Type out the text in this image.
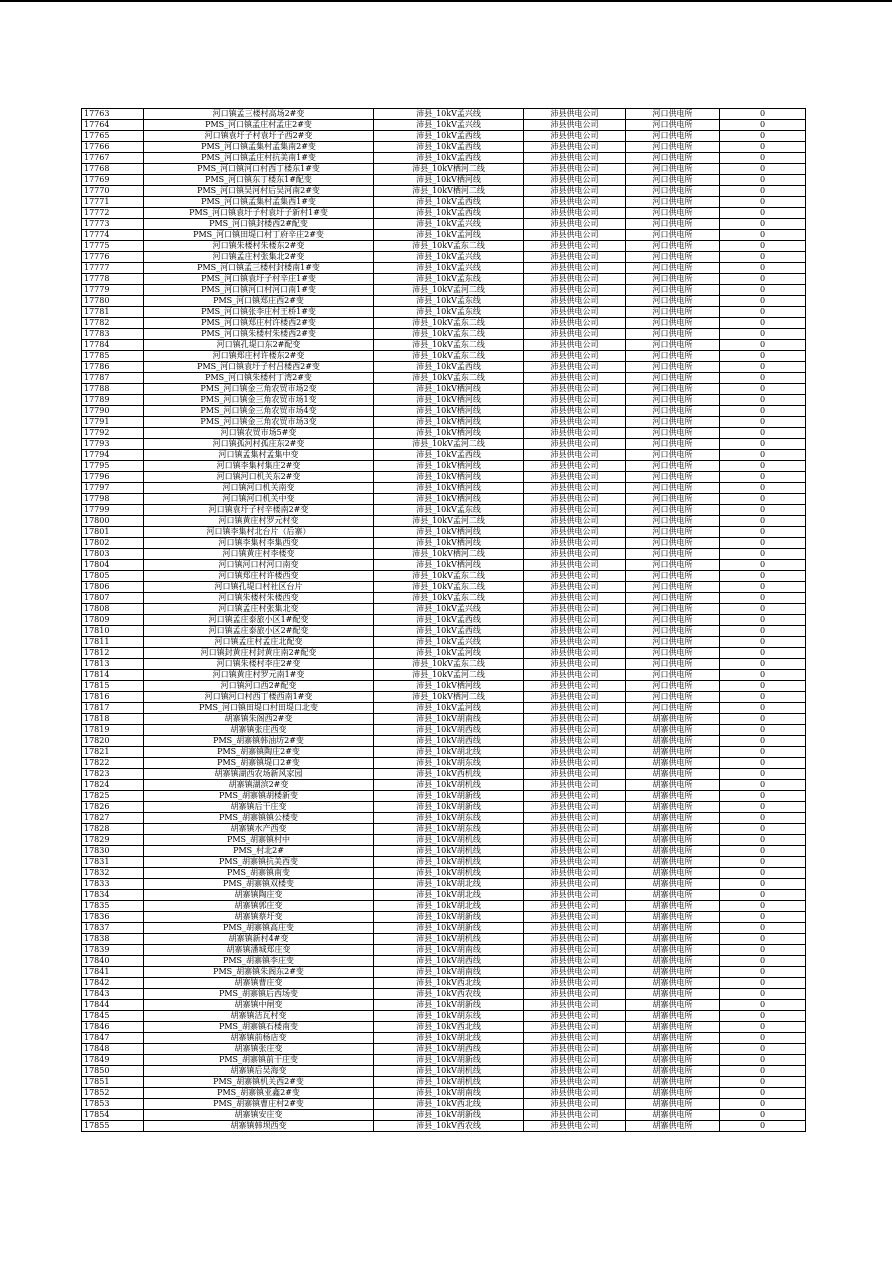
17763	河口镇孟三楼村高场2#变	沛县_10kV孟兴线	沛县供电公司	河口供电所	0
17764	PMS_河口镇孟庄村孟庄2#变	沛县_10kV孟兴线	沛县供电公司	河口供电所	0
17765	河口镇袁圩子村袁圩子西2#变	沛县_10kV孟西线	沛县供电公司	河口供电所	0
17766	PMS_河口镇孟集村孟集南2#变	沛县_10kV孟西线	沛县供电公司	河口供电所	0
17767	PMS_河口镇孟庄村抗美南1#变	沛县_10kV孟西线	沛县供电公司	河口供电所	0
17768	PMS_河口镇河口村西丁楼东1#变	沛县_10kV栖河二线	沛县供电公司	河口供电所	0
17769	PMS_河口镇东丁楼东1#配变	沛县_10kV栖河线	沛县供电公司	河口供电所	0
17770	PMS_河口镇吴河村后吴河南2#变	沛县_10kV栖河二线	沛县供电公司	河口供电所	0
17771	PMS_河口镇孟集村孟集西1#变	沛县_10kV孟西线	沛县供电公司	河口供电所	0
17772	PMS_河口镇袁圩子村袁圩子新村1#变	沛县_10kV孟西线	沛县供电公司	河口供电所	0
17773	PMS_河口镇封楼西2#配变	沛县_10kV孟兴线	沛县供电公司	河口供电所	0
17774	PMS_河口镇田堤口村丁府辛庄2#变	沛县_10kV孟河线	沛县供电公司	河口供电所	0
17775	河口镇朱楼村朱楼东2#变	沛县_10kV孟东二线	沛县供电公司	河口供电所	0
17776	河口镇孟庄村张集北2#变	沛县_10kV孟兴线	沛县供电公司	河口供电所	0
17777	PMS_河口镇孟三楼村封楼南1#变	沛县_10kV孟兴线	沛县供电公司	河口供电所	0
17778	PMS_河口镇袁圩子村辛庄1#变	沛县_10kV孟东线	沛县供电公司	河口供电所	0
17779	PMS_河口镇河口村河口南1#变	沛县_10kV孟河二线	沛县供电公司	河口供电所	0
17780	PMS_河口镇郑庄西2#变	沛县_10kV孟东线	沛县供电公司	河口供电所	0
17781	PMS_河口镇张李庄村王桥1#变	沛县_10kV孟东线	沛县供电公司	河口供电所	0
17782	PMS_河口镇郑庄村许楼西2#变	沛县_10kV孟东二线	沛县供电公司	河口供电所	0
17783	PMS_河口镇朱楼村朱楼西2#变	沛县_10kV孟东二线	沛县供电公司	河口供电所	0
17784	河口镇孔堤口东2#配变	沛县_10kV孟东二线	沛县供电公司	河口供电所	0
17785	河口镇郑庄村许楼东2#变	沛县_10kV孟东二线	沛县供电公司	河口供电所	0
17786	PMS_河口镇袁圩子村吕楼西2#变	沛县_10kV孟西线	沛县供电公司	河口供电所	0
17787	PMS_河口镇朱楼村丁湾2#变	沛县_10kV孟东二线	沛县供电公司	河口供电所	0
17788	PMS_河口镇金三角农贸市场2变	沛县_10kV栖河线	沛县供电公司	河口供电所	0
17789	PMS_河口镇金三角农贸市场1变	沛县_10kV栖河线	沛县供电公司	河口供电所	0
17790	PMS_河口镇金三角农贸市场4变	沛县_10kV栖河线	沛县供电公司	河口供电所	0
17791	PMS_河口镇金三角农贸市场3变	沛县_10kV栖河线	沛县供电公司	河口供电所	0
17792	河口镇农贸市场5#变	沛县_10kV栖河线	沛县供电公司	河口供电所	0
17793	河口镇孤河村孤庄东2#变	沛县_10kV孟河二线	沛县供电公司	河口供电所	0
17794	河口镇孟集村孟集中变	沛县_10kV孟西线	沛县供电公司	河口供电所	0
17795	河口镇李集村集庄2#变	沛县_10kV栖河线	沛县供电公司	河口供电所	0
17796	河口镇河口机关东2#变	沛县_10kV栖河线	沛县供电公司	河口供电所	0
17797	河口镇河口机关南变	沛县_10kV栖河线	沛县供电公司	河口供电所	0
17798	河口镇河口机关中变	沛县_10kV栖河线	沛县供电公司	河口供电所	0
17799	河口镇袁圩子村辛楼南2#变	沛县_10kV孟东线	沛县供电公司	河口供电所	0
17800	河口镇黄庄村罗元村变	沛县_10kV孟河二线	沛县供电公司	河口供电所	0
17801	河口镇李集村北台片（后寨）	沛县_10kV栖河线	沛县供电公司	河口供电所	0
17802	河口镇李集村李集西变	沛县_10kV栖河线	沛县供电公司	河口供电所	0
17803	河口镇黄庄村李楼变	沛县_10kV栖河二线	沛县供电公司	河口供电所	0
17804	河口镇河口村河口南变	沛县_10kV栖河线	沛县供电公司	河口供电所	0
17805	河口镇郑庄村许楼西变	沛县_10kV孟东二线	沛县供电公司	河口供电所	0
17806	河口镇孔堤口村社区台片	沛县_10kV孟东二线	沛县供电公司	河口供电所	0
17807	河口镇朱楼村朱楼西变	沛县_10kV孟东二线	沛县供电公司	河口供电所	0
17808	河口镇孟庄村张集北变	沛县_10kV孟兴线	沛县供电公司	河口供电所	0
17809	河口镇孟庄泰旅小区1#配变	沛县_10kV孟西线	沛县供电公司	河口供电所	0
17810	河口镇孟庄泰旅小区2#配变	沛县_10kV孟西线	沛县供电公司	河口供电所	0
17811	河口镇孟庄村孟庄北配变	沛县_10kV孟兴线	沛县供电公司	河口供电所	0
17812	河口镇封黄庄村封黄庄南2#配变	沛县_10kV孟河线	沛县供电公司	河口供电所	0
17813	河口镇朱楼村李庄2#变	沛县_10kV孟东二线	沛县供电公司	河口供电所	0
17814	河口镇黄庄村罗元南1#变	沛县_10kV孟河二线	沛县供电公司	河口供电所	0
17815	河口镇河口西2#配变	沛县_10kV栖河线	沛县供电公司	河口供电所	0
17816	河口镇河口村西丁楼西南1#变	沛县_10kV栖河二线	沛县供电公司	河口供电所	0
17817	PMS_河口镇田堤口村田堤口北变	沛县_10kV孟河线	沛县供电公司	河口供电所	0
17818	胡寨镇朱阁西2#变	沛县_10kV胡南线	沛县供电公司	胡寨供电所	0
17819	胡寨镇张庄西变	沛县_10kV胡西线	沛县供电公司	胡寨供电所	0
17820	PMS_胡寨镇韩油坊2#变	沛县_10kV胡西线	沛县供电公司	胡寨供电所	0
17821	PMS_胡寨镇陶庄2#变	沛县_10kV胡北线	沛县供电公司	胡寨供电所	0
17822	PMS_胡寨镇堤口2#变	沛县_10kV胡东线	沛县供电公司	胡寨供电所	0
17823	胡寨镇湖西农场新风家园	沛县_10kV西机线	沛县供电公司	胡寨供电所	0
17824	胡寨镇湖滨2#变	沛县_10kV胡机线	沛县供电公司	胡寨供电所	0
17825	PMS_胡寨镇胡楼新变	沛县_10kV胡新线	沛县供电公司	胡寨供电所	0
17826	胡寨镇后干庄变	沛县_10kV胡新线	沛县供电公司	胡寨供电所	0
17827	PMS_胡寨镇镇公楼变	沛县_10kV胡东线	沛县供电公司	胡寨供电所	0
17828	胡寨镇水产西变	沛县_10kV胡东线	沛县供电公司	胡寨供电所	0
17829	PMS_胡寨镇村中	沛县_10kV胡机线	沛县供电公司	胡寨供电所	0
17830	PMS_村北2#	沛县_10kV胡机线	沛县供电公司	胡寨供电所	0
17831	PMS_胡寨镇抗美西变	沛县_10kV胡机线	沛县供电公司	胡寨供电所	0
17832	PMS_胡寨镇南变	沛县_10kV胡机线	沛县供电公司	胡寨供电所	0
17833	PMS_胡寨镇双楼变	沛县_10kV胡北线	沛县供电公司	胡寨供电所	0
17834	胡寨镇陶庄变	沛县_10kV胡北线	沛县供电公司	胡寨供电所	0
17835	胡寨镇郭庄变	沛县_10kV胡北线	沛县供电公司	胡寨供电所	0
17836	胡寨镇蔡圩变	沛县_10kV胡新线	沛县供电公司	胡寨供电所	0
17837	PMS_胡寨镇高庄变	沛县_10kV胡新线	沛县供电公司	胡寨供电所	0
17838	胡寨镇新村4#变	沛县_10kV胡机线	沛县供电公司	胡寨供电所	0
17839	胡寨镇潘城郑庄变	沛县_10kV胡南线	沛县供电公司	胡寨供电所	0
17840	PMS_胡寨镇李庄变	沛县_10kV胡西线	沛县供电公司	胡寨供电所	0
17841	PMS_胡寨镇朱阁东2#变	沛县_10kV胡南线	沛县供电公司	胡寨供电所	0
17842	胡寨镇曹庄变	沛县_10kV西北线	沛县供电公司	胡寨供电所	0
17843	PMS_胡寨镇后西场变	沛县_10kV西农线	沛县供电公司	胡寨供电所	0
17844	胡寨镇中闸变	沛县_10kV胡新线	沛县供电公司	胡寨供电所	0
17845	胡寨镇洁瓦村变	沛县_10kV胡东线	沛县供电公司	胡寨供电所	0
17846	PMS_胡寨镇石楼南变	沛县_10kV西北线	沛县供电公司	胡寨供电所	0
17847	胡寨镇前杨店变	沛县_10kV胡北线	沛县供电公司	胡寨供电所	0
17848	胡寨镇张庄变	沛县_10kV胡西线	沛县供电公司	胡寨供电所	0
17849	PMS_胡寨镇前干庄变	沛县_10kV胡新线	沛县供电公司	胡寨供电所	0
17850	胡寨镇后吴海变	沛县_10kV胡机线	沛县供电公司	胡寨供电所	0
17851	PMS_胡寨镇机关西2#变	沛县_10kV胡机线	沛县供电公司	胡寨供电所	0
17852	PMS_胡寨镇亚鑫2#变	沛县_10kV胡南线	沛县供电公司	胡寨供电所	0
17853	PMS_胡寨镇曹庄村2#变	沛县_10kV西北线	沛县供电公司	胡寨供电所	0
17854	胡寨镇安庄变	沛县_10kV胡新线	沛县供电公司	胡寨供电所	0
17855	胡寨镇韩坝西变	沛县_10kV西农线	沛县供电公司	胡寨供电所	0
